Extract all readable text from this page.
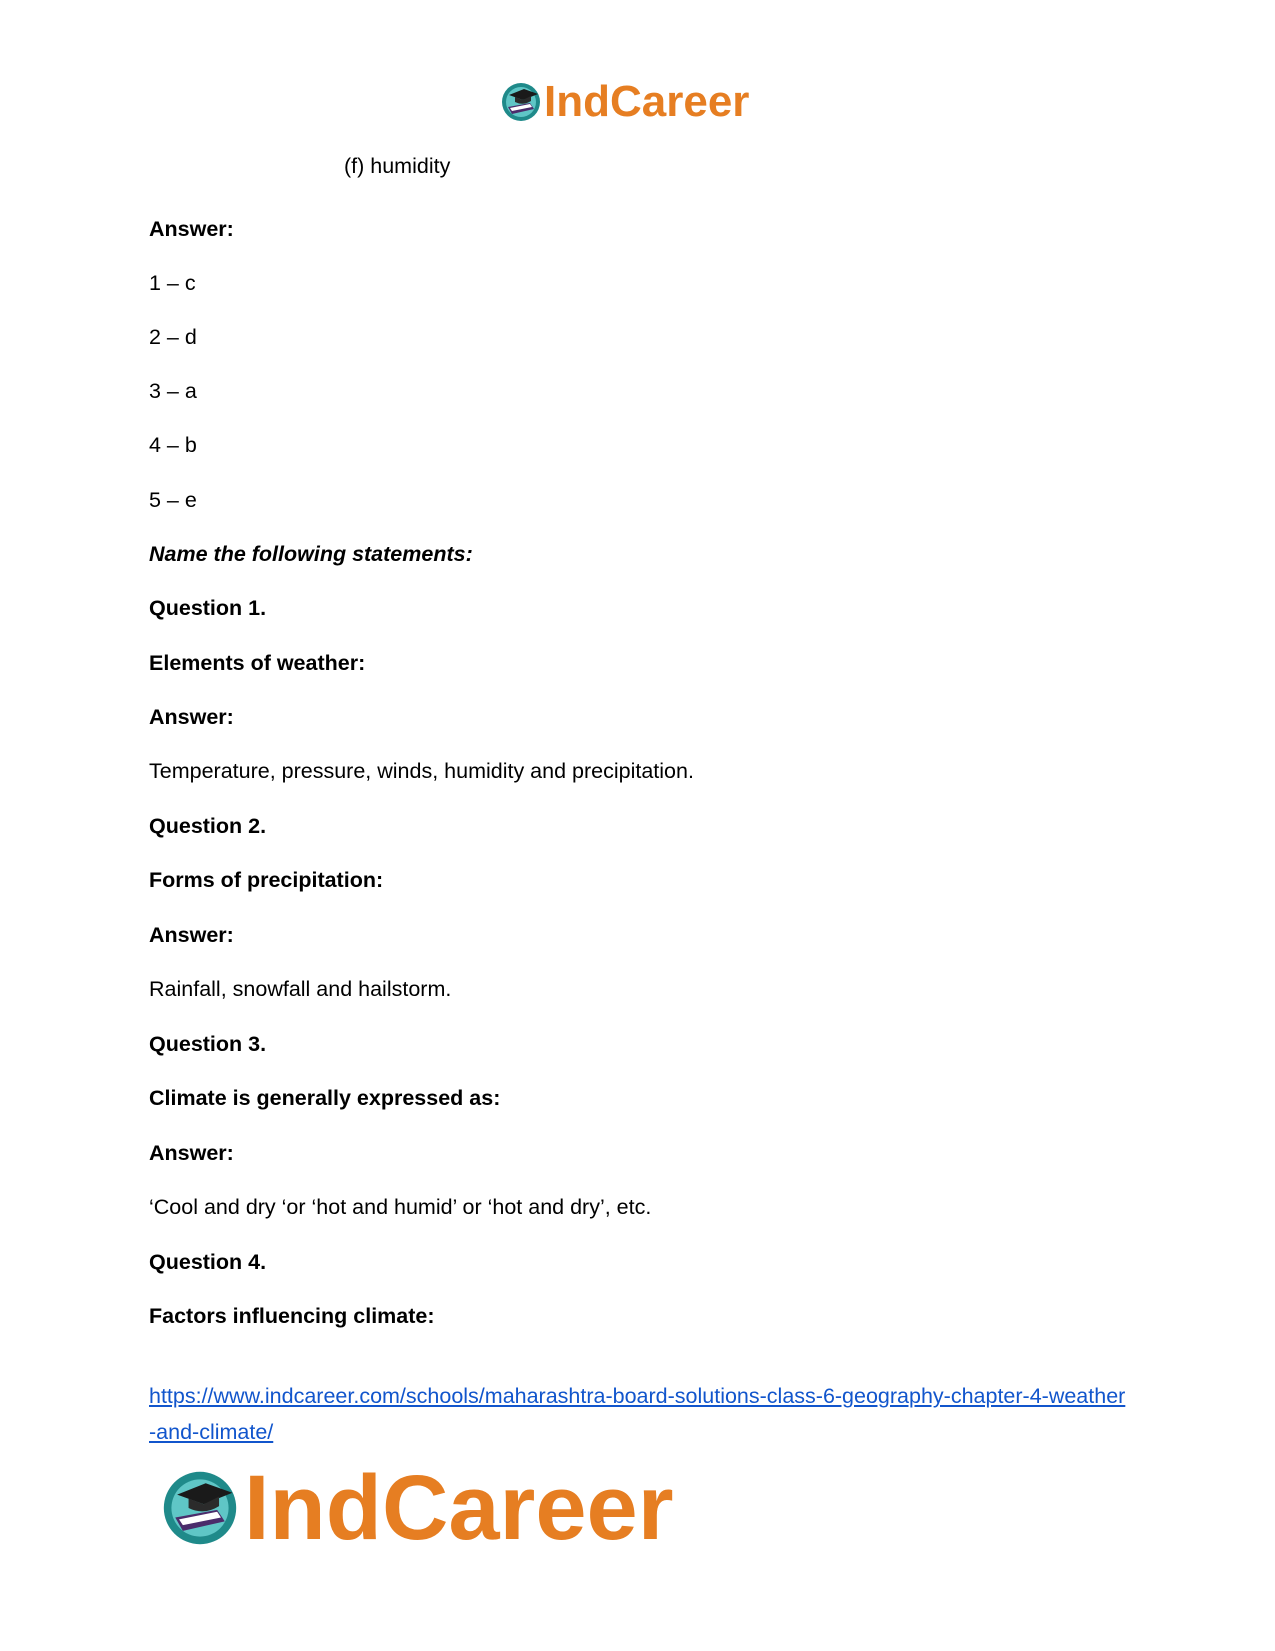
IndCareer
(f) humidity
Answer:
1 – c
2 – d
3 – a
4 – b
5 – e
Name the following statements:
Question 1.
Elements of weather:
Answer:
Temperature, pressure, winds, humidity and precipitation.
Question 2.
Forms of precipitation:
Answer:
Rainfall, snowfall and hailstorm.
Question 3.
Climate is generally expressed as:
Answer:
‘Cool and dry ‘or ‘hot and humid’ or ‘hot and dry’, etc.
Question 4.
Factors influencing climate:
https://www.indcareer.com/schools/maharashtra-board-solutions-class-6-geography-chapter-4-weather-and-climate/
IndCareer
